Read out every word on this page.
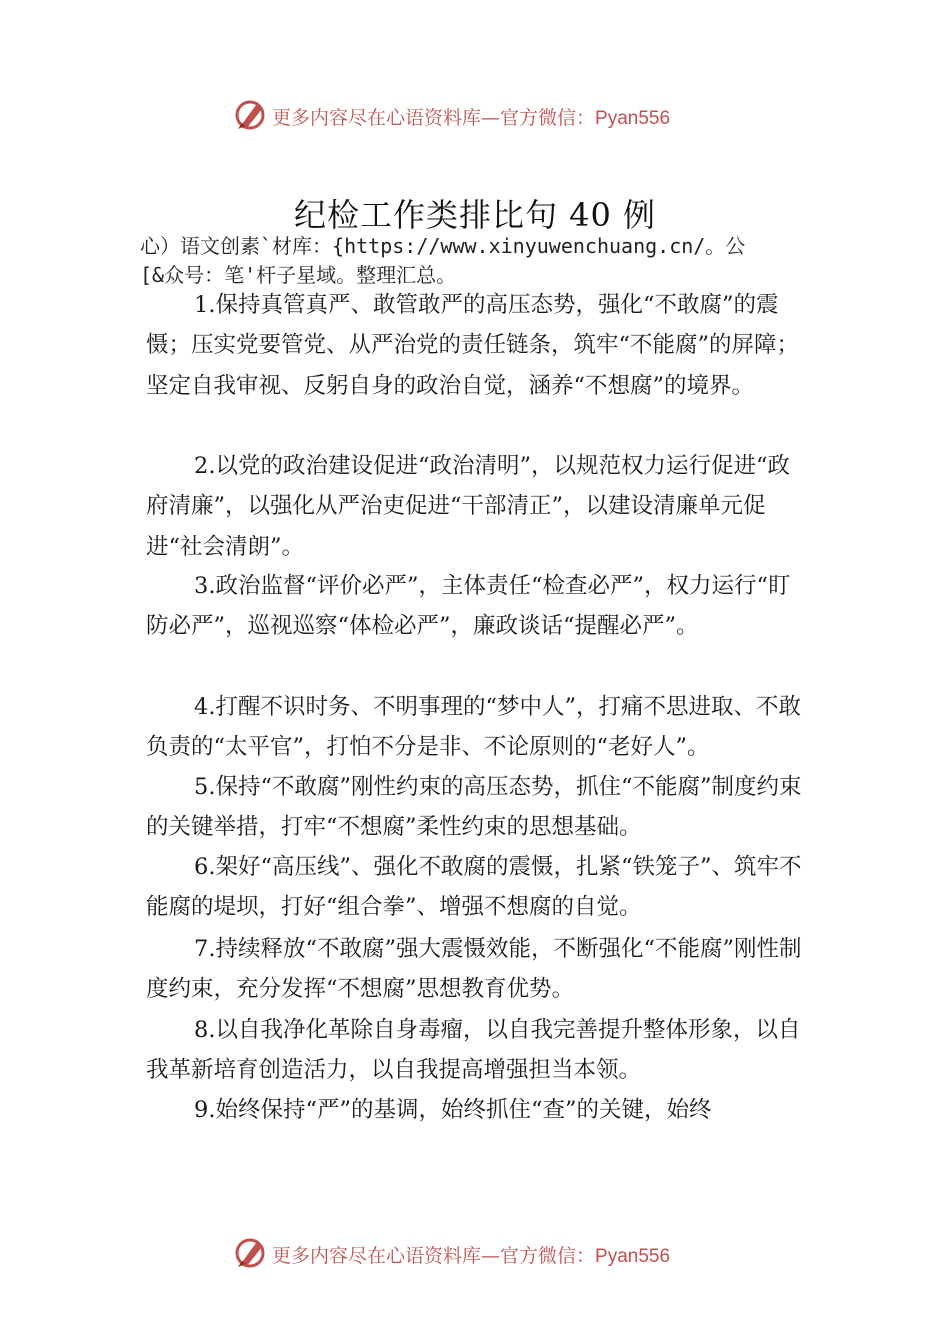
更多内容尽在心语资料库—官方微信：Pyan556
纪检工作类排比句 40 例
心）语文创素`材库：{https://www.xinyuwenchuang.cn/。公
[&众号：笔'杆子星域。整理汇总。
1.保持真管真严、敢管敢严的高压态势，强化“不敢腐”的震慑；压实党要管党、从严治党的责任链条，筑牢“不能腐”的屏障；坚定自我审视、反躬自身的政治自觉，涵养“不想腐”的境界。
2.以党的政治建设促进“政治清明”，以规范权力运行促进“政府清廉”，以强化从严治吏促进“干部清正”，以建设清廉单元促进“社会清朗”。
3.政治监督“评价必严”，主体责任“检查必严”，权力运行“盯防必严”，巡视巡察“体检必严”，廉政谈话“提醒必严”。
4.打醒不识时务、不明事理的“梦中人”，打痛不思进取、不敢负责的“太平官”，打怕不分是非、不论原则的“老好人”。
5.保持“不敢腐”刚性约束的高压态势，抓住“不能腐”制度约束的关键举措，打牢“不想腐”柔性约束的思想基础。
6.架好“高压线”、强化不敢腐的震慑，扎紧“铁笼子”、筑牢不能腐的堤坝，打好“组合拳”、增强不想腐的自觉。
7.持续释放“不敢腐”强大震慑效能，不断强化“不能腐”刚性制度约束，充分发挥“不想腐”思想教育优势。
8.以自我净化革除自身毒瘤，以自我完善提升整体形象，以自我革新培育创造活力，以自我提高增强担当本领。
9.始终保持“严”的基调，始终抓住“查”的关键，始终
更多内容尽在心语资料库—官方微信：Pyan556
